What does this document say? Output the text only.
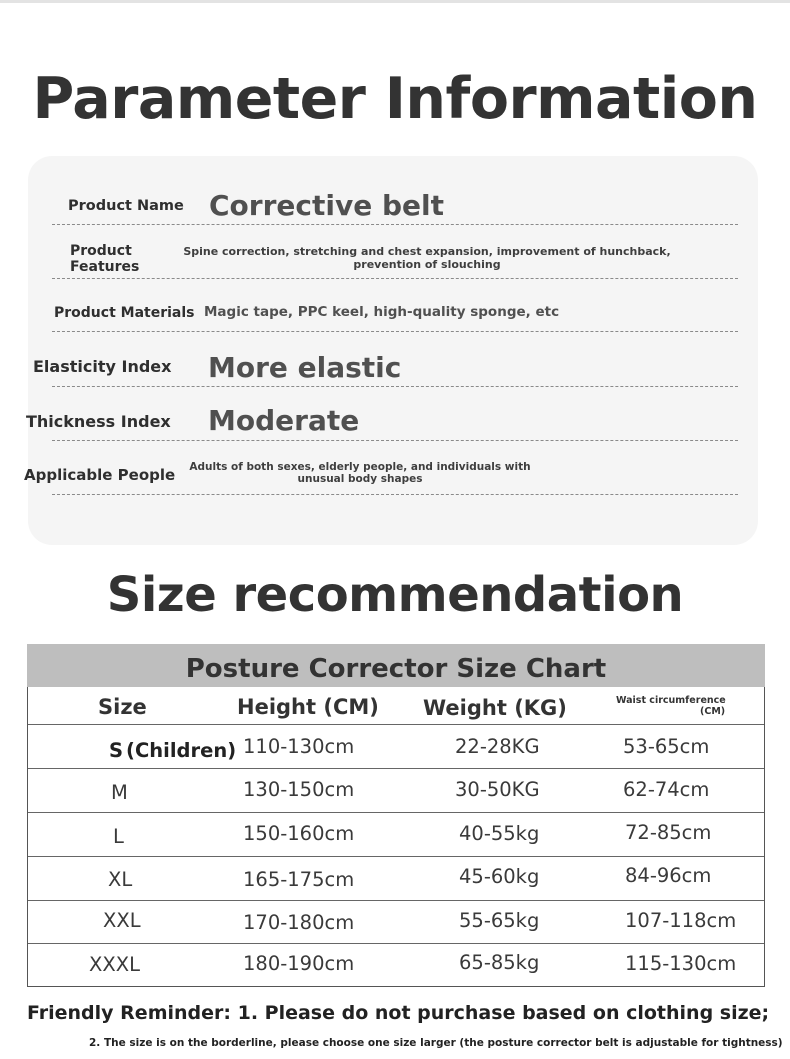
Parameter Information
Product Name Corrective belt
Product
Features
Spine correction, stretching and chest expansion, improvement of hunchback,
prevention of slouching
Product Materials Magic tape, PPC keel, high-quality sponge, etc
Elasticity Index More elastic
Thickness Index Moderate
Applicable People	Adults of both sexes, elderly people, and individuals with
unusual body shapes
Size recommendation
Posture Corrector Size Chart
Size	Height (CM) Weight (KG)	Waist circumference
(CM)
S (Children) 110-130cm	22-28KG	53-65cm
M	130-150cm	30-50KG	62-74cm
L	150-160cm	40-55kg	72-85cm
XL	165-175cm	45-60kg	84-96cm
XXL	170-180cm	55-65kg	107-118cm
XXXL	180-190cm	65-85kg	115-130cm
Friendly Reminder: 1. Please do not purchase based on clothing size;
2. The size is on the borderline, please choose one size larger (the posture corrector belt is adjustable for tightness)
